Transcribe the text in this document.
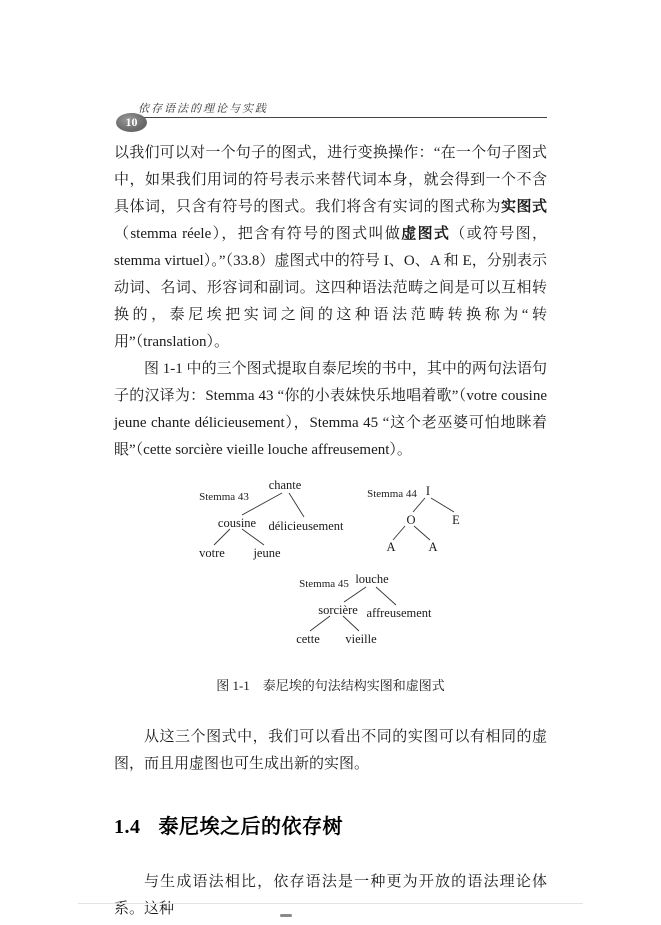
依存语法的理论与实践
10

以我们可以对一个句子的图式，进行变换操作：“在一个句子图式中，如果我们用词的符号表示来替代词本身，就会得到一个不含具体词，只含有符号的图式。我们将含有实词的图式称为实图式（stemma réele），把含有符号的图式叫做虚图式（或符号图，stemma virtuel）。”（33.8）虚图式中的符号 I、O、A 和 E，分别表示动词、名词、形容词和副词。这四种语法范畴之间是可以互相转换的，泰尼埃把实词之间的这种语法范畴转换称为“转用”（translation）。

图 1-1 中的三个图式提取自泰尼埃的书中，其中的两句法语句子的汉译为：Stemma 43 “你的小表妹快乐地唱着歌”（votre cousine jeune chante délicieusement），Stemma 45 “这个老巫婆可怕地眯着眼”（cette sorcière vieille louche affreusement）。

Stemma 43
chante
cousine délicieusement
votre jeune
Stemma 44 I
O	E
A	A
Stemma 45 louche
sorcière affreusement
cette vieille
图 1-1　泰尼埃的句法结构实图和虚图式

从这三个图式中，我们可以看出不同的实图可以有相同的虚图，而且用虚图也可生成出新的实图。

1.4 泰尼埃之后的依存树

与生成语法相比，依存语法是一种更为开放的语法理论体系。这种
